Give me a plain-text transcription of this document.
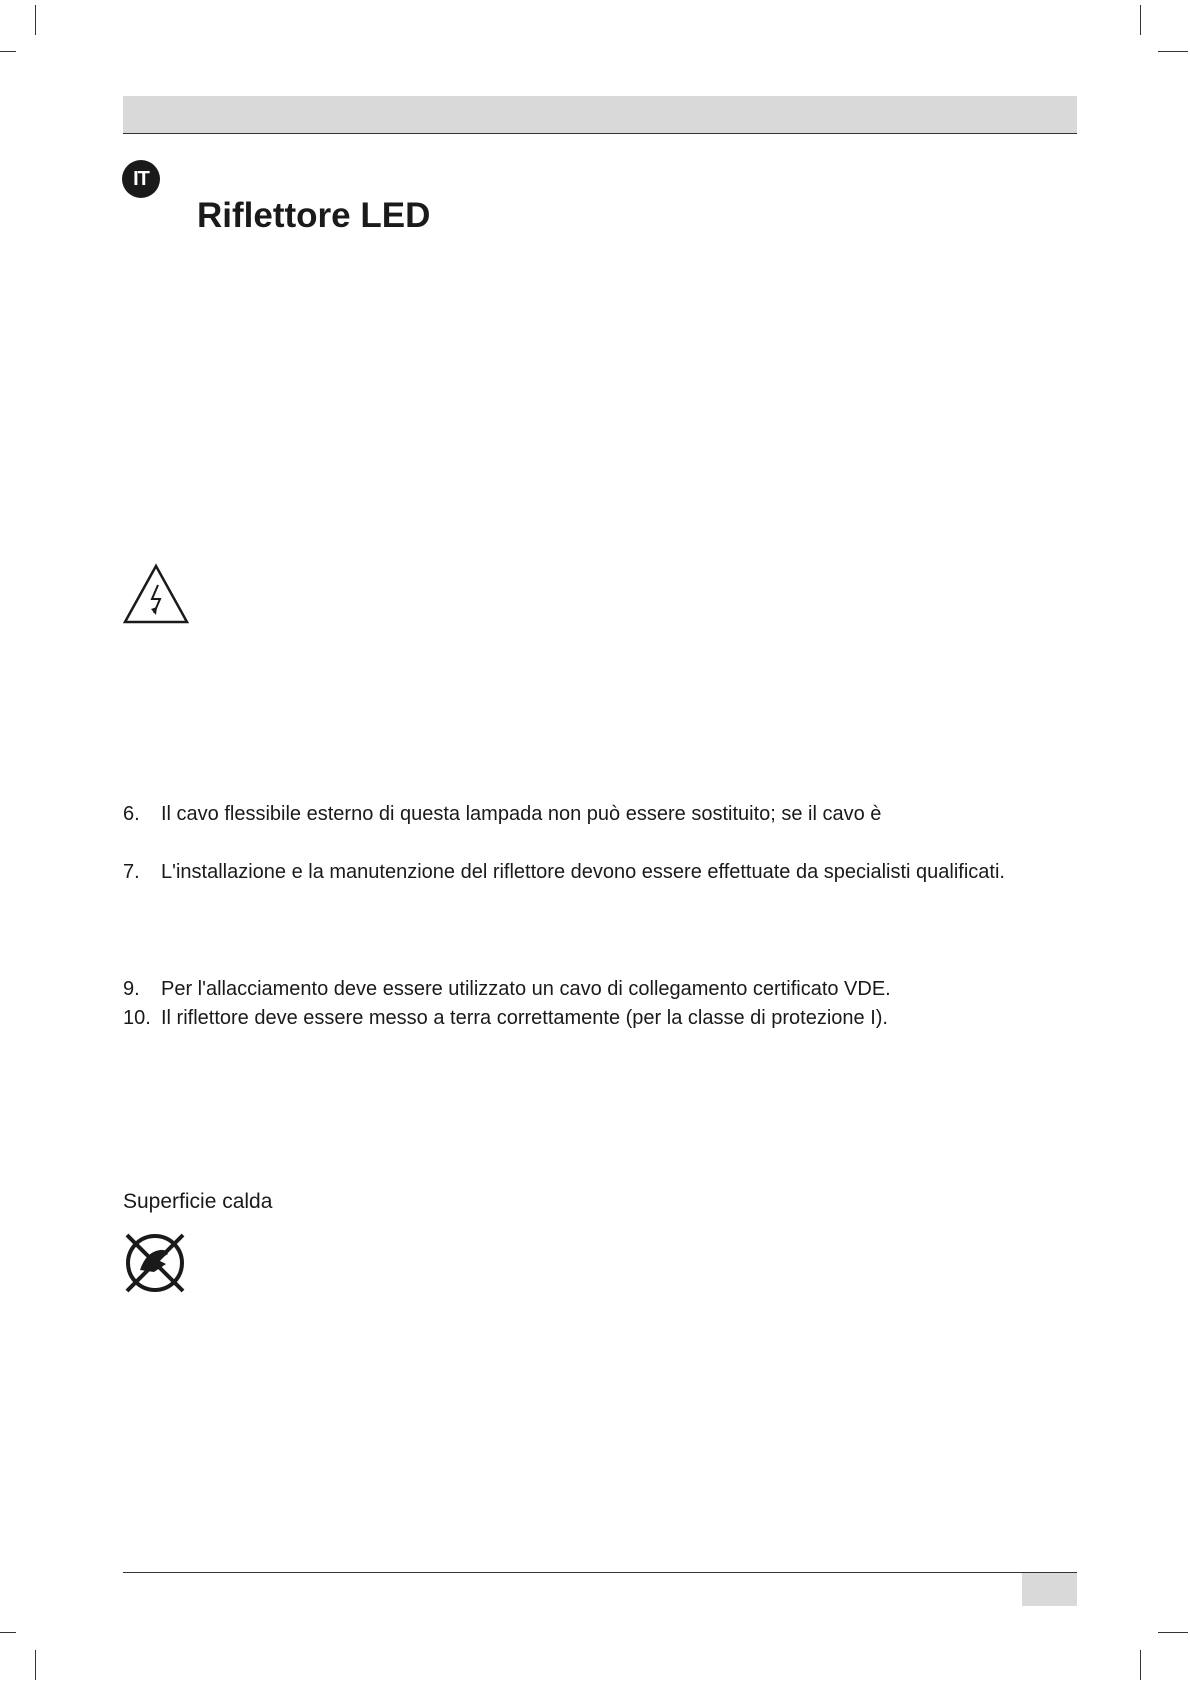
IT
Riflettore LED
6. Il cavo flessibile esterno di questa lampada non può essere sostituito; se il cavo è
7. L'installazione e la manutenzione del riflettore devono essere effettuate da specialisti qualificati.
9. Per l'allacciamento deve essere utilizzato un cavo di collegamento certificato VDE.
10. Il riflettore deve essere messo a terra correttamente (per la classe di protezione I).
Superficie calda
